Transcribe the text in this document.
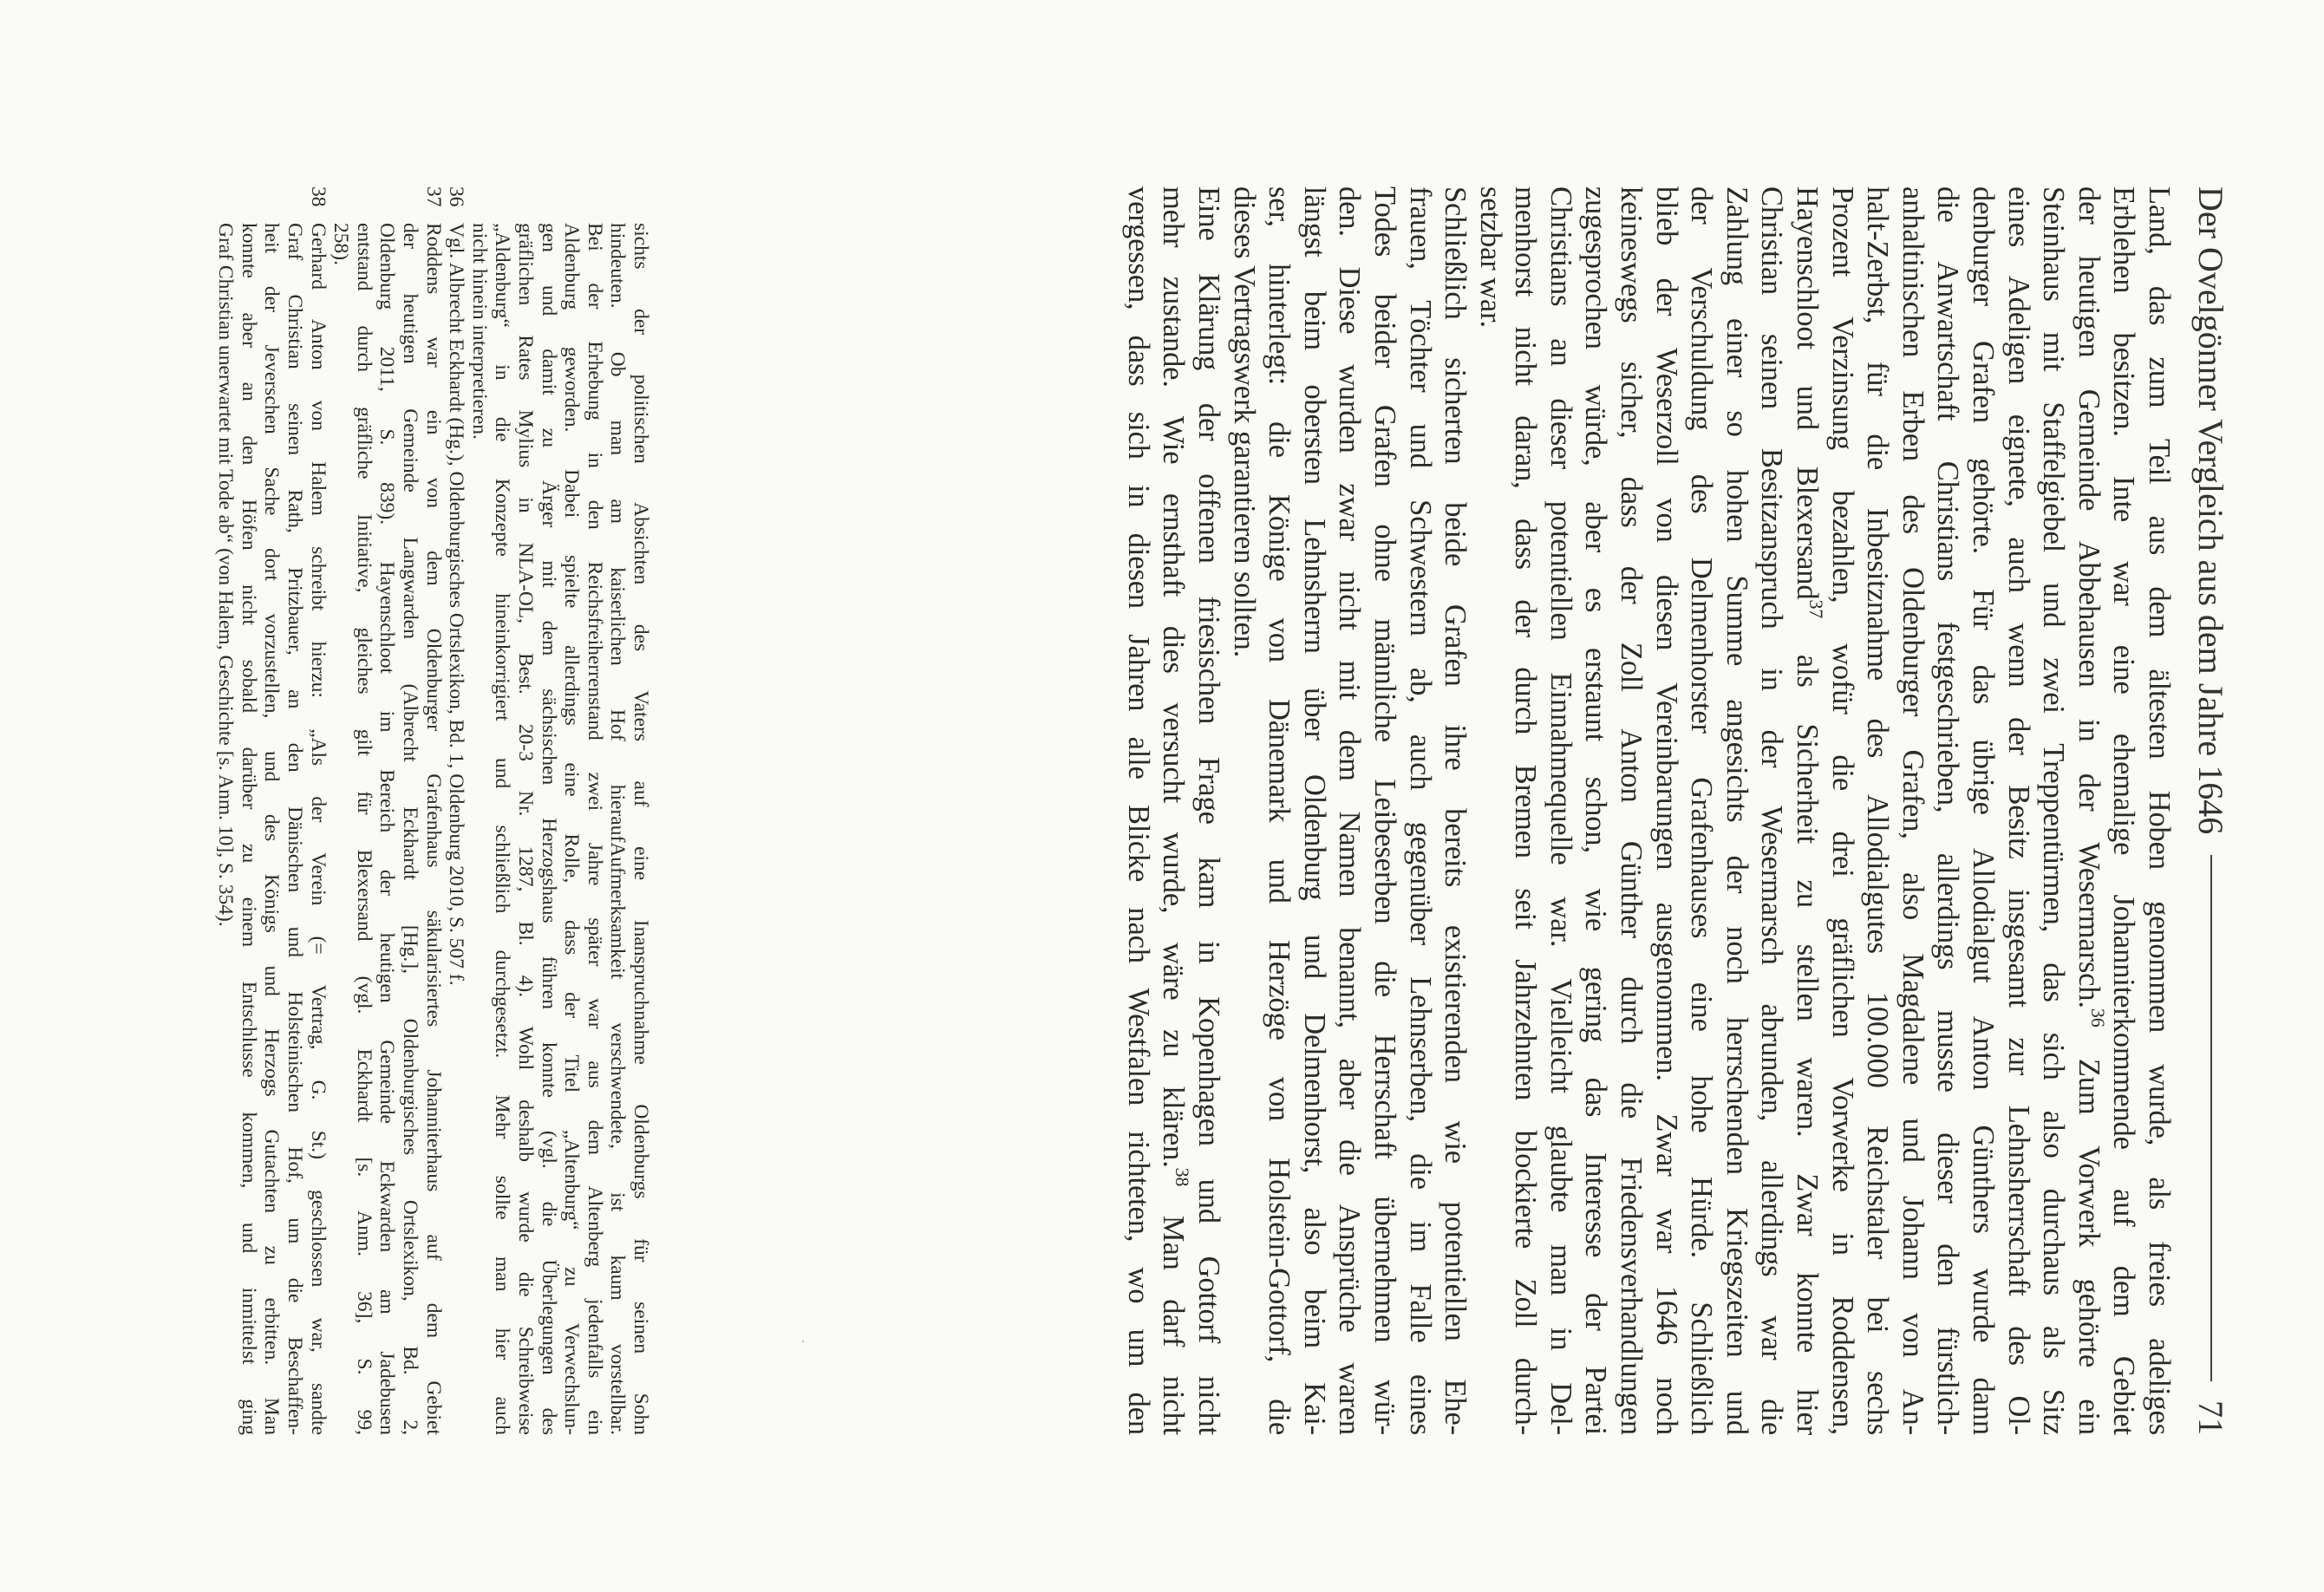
Der Ovelgönner Vergleich aus dem Jahre 1646
71
Land, das zum Teil aus dem ältesten Hoben genommen wurde, als freies adeliges
Erblehen besitzen. Inte war eine ehemalige Johanniterkommende auf dem Gebiet
der heutigen Gemeinde Abbehausen in der Wesermarsch.$^{36}$ Zum Vorwerk gehörte ein
Steinhaus mit Staffelgiebel und zwei Treppentürmen, das sich also durchaus als Sitz
eines Adeligen eignete, auch wenn der Besitz insgesamt zur Lehnsherrschaft des Ol-
denburger Grafen gehörte. Für das übrige Allodialgut Anton Günthers wurde dann
die Anwartschaft Christians festgeschrieben, allerdings musste dieser den fürstlich-
anhaltinischen Erben des Oldenburger Grafen, also Magdalene und Johann von An-
halt-Zerbst, für die Inbesitznahme des Allodialgutes 100.000 Reichstaler bei sechs
Prozent Verzinsung bezahlen, wofür die drei gräflichen Vorwerke in Roddensen,
Hayenschloot und Blexersand$^{37}$ als Sicherheit zu stellen waren. Zwar konnte hier
Christian seinen Besitzanspruch in der Wesermarsch abrunden, allerdings war die
Zahlung einer so hohen Summe angesichts der noch herrschenden Kriegszeiten und
der Verschuldung des Delmenhorster Grafenhauses eine hohe Hürde. Schließlich
blieb der Weserzoll von diesen Vereinbarungen ausgenommen. Zwar war 1646 noch
keineswegs sicher, dass der Zoll Anton Günther durch die Friedensverhandlungen
zugesprochen würde, aber es erstaunt schon, wie gering das Interesse der Partei
Christians an dieser potentiellen Einnahmequelle war. Vielleicht glaubte man in Del-
menhorst nicht daran, dass der durch Bremen seit Jahrzehnten blockierte Zoll durch-
setzbar war.
Schließlich sicherten beide Grafen ihre bereits existierenden wie potentiellen Ehe-
frauen, Töchter und Schwestern ab, auch gegenüber Lehnserben, die im Falle eines
Todes beider Grafen ohne männliche Leibeserben die Herrschaft übernehmen wür-
den. Diese wurden zwar nicht mit dem Namen benannt, aber die Ansprüche waren
längst beim obersten Lehnsherrn über Oldenburg und Delmenhorst, also beim Kai-
ser, hinterlegt: die Könige von Dänemark und Herzöge von Holstein-Gottorf, die
dieses Vertragswerk garantieren sollten.
Eine Klärung der offenen friesischen Frage kam in Kopenhagen und Gottorf nicht
mehr zustande. Wie ernsthaft dies versucht wurde, wäre zu klären.$^{38}$ Man darf nicht
vergessen, dass sich in diesen Jahren alle Blicke nach Westfalen richteten, wo um den
sichts der politischen Absichten des Vaters auf eine Inanspruchnahme Oldenburgs für seinen Sohn
hindeuten. Ob man am kaiserlichen Hof hieraufAufmerksamkeit verschwendete, ist kaum vorstellbar.
Bei der Erhebung in den Reichsfreiherrenstand zwei Jahre später war aus dem Altenberg jedenfalls ein
Aldenburg geworden. Dabei spielte allerdings eine Rolle, dass der Titel „Altenburg“ zu Verwechslun-
gen und damit zu Ärger mit dem sächsischen Herzogshaus führen konnte (vgl. die Überlegungen des
gräflichen Rates Mylius in NLA-OL, Best. 20-3 Nr. 1287, Bl. 4). Wohl deshalb wurde die Schreibweise
„Aldenburg“ in die Konzepte hineinkorrigiert und schließlich durchgesetzt. Mehr sollte man hier auch
nicht hinein interpretieren.
36
Vgl. Albrecht Eckhardt (Hg.), Oldenburgisches Ortslexikon, Bd. 1, Oldenburg 2010, S. 507 f.
37
Roddens war ein von dem Oldenburger Grafenhaus säkularisiertes Johanniterhaus auf dem Gebiet
der heutigen Gemeinde Langwarden (Albrecht Eckhardt [Hg.], Oldenburgisches Ortslexikon, Bd. 2,
Oldenburg 2011, S. 839). Hayenschloot im Bereich der heutigen Gemeinde Eckwarden am Jadebusen
entstand durch gräfliche Initiative, gleiches gilt für Blexersand (vgl. Eckhardt [s. Anm. 36], S. 99,
258).
38
Gerhard Anton von Halem schreibt hierzu: „Als der Verein (= Vertrag, G. St.) geschlossen war, sandte
Graf Christian seinen Rath, Pritzbauer, an den Dänischen und Holsteinischen Hof, um die Beschaffen-
heit der Jeverschen Sache dort vorzustellen, und des Königs und Herzogs Gutachten zu erbitten. Man
konnte aber an den Höfen nicht sobald darüber zu einem Entschlusse kommen, und inmittelst ging
Graf Christian unerwartet mit Tode ab“ (von Halem, Geschichte [s. Anm. 10], S. 354).
